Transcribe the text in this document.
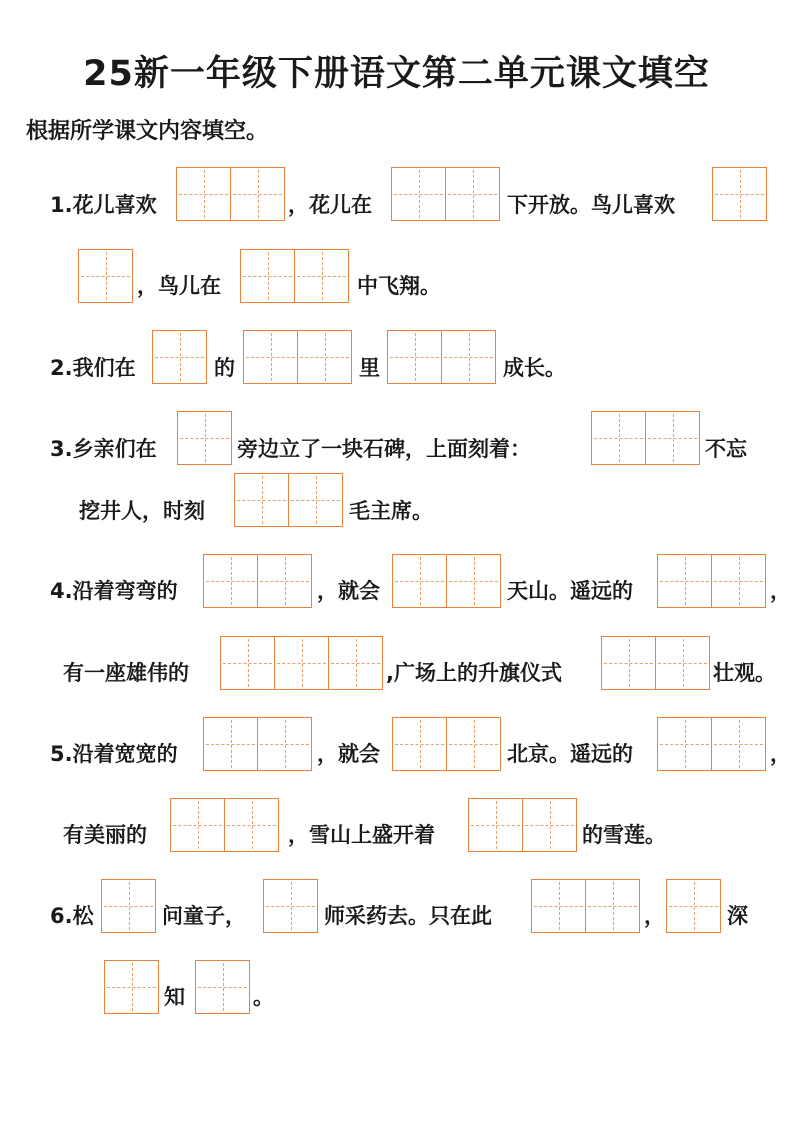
25新一年级下册语文第二单元课文填空
根据所学课文内容填空。
1.花儿喜欢	，花儿在	下开放。鸟儿喜欢
，鸟儿在	中飞翔。
2.我们在	的	里	成长。
3.乡亲们在	旁边立了一块石碑，上面刻着：	不忘
挖井人，时刻	毛主席。
4.沿着弯弯的	，就会	天山。遥远的	，
有一座雄伟的	,广场上的升旗仪式	壮观。
5.沿着宽宽的	，就会	北京。遥远的	，
有美丽的	，雪山上盛开着	的雪莲。
6.松	问童子，	师采药去。只在此	，	深
知	。
